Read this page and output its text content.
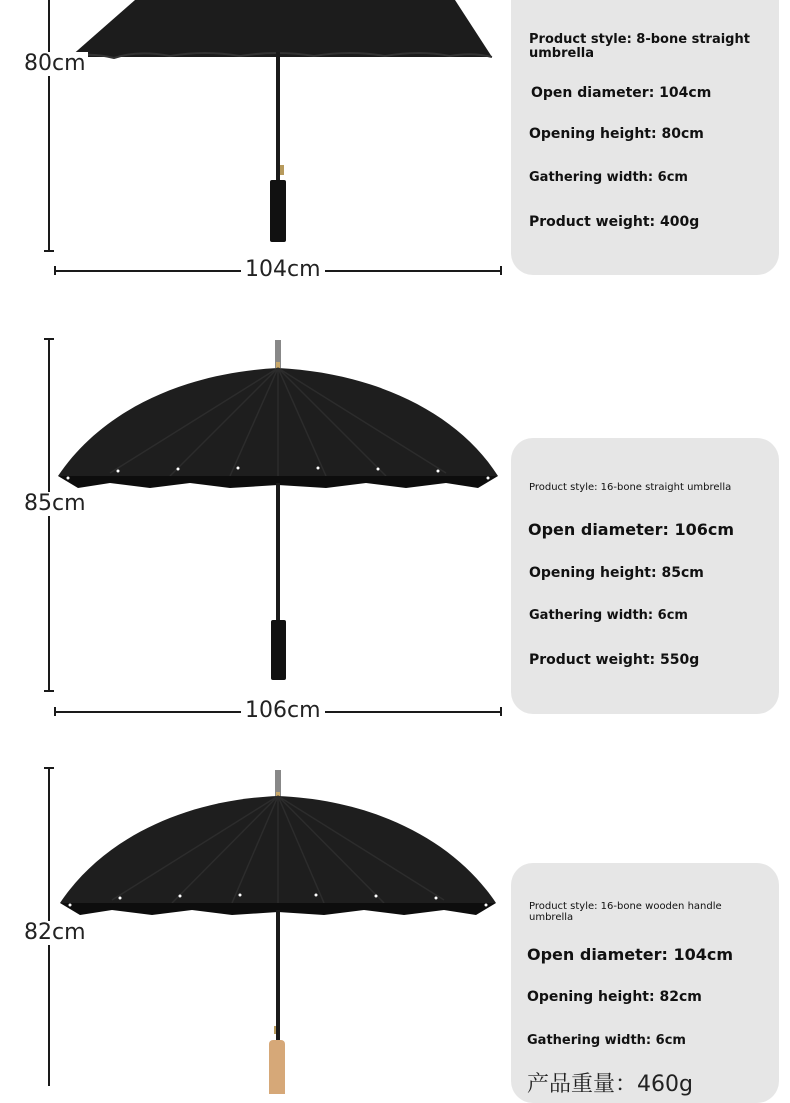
80cm
104cm
Product style: 8-bone straight umbrella
Open diameter: 104cm
Opening height: 80cm
Gathering width: 6cm
Product weight: 400g
85cm
106cm
Product style: 16-bone straight umbrella
Open diameter: 106cm
Opening height: 85cm
Gathering width: 6cm
Product weight: 550g
82cm
Product style: 16-bone wooden handle umbrella
Open diameter: 104cm
Opening height: 82cm
Gathering width: 6cm
产品重量：460g
